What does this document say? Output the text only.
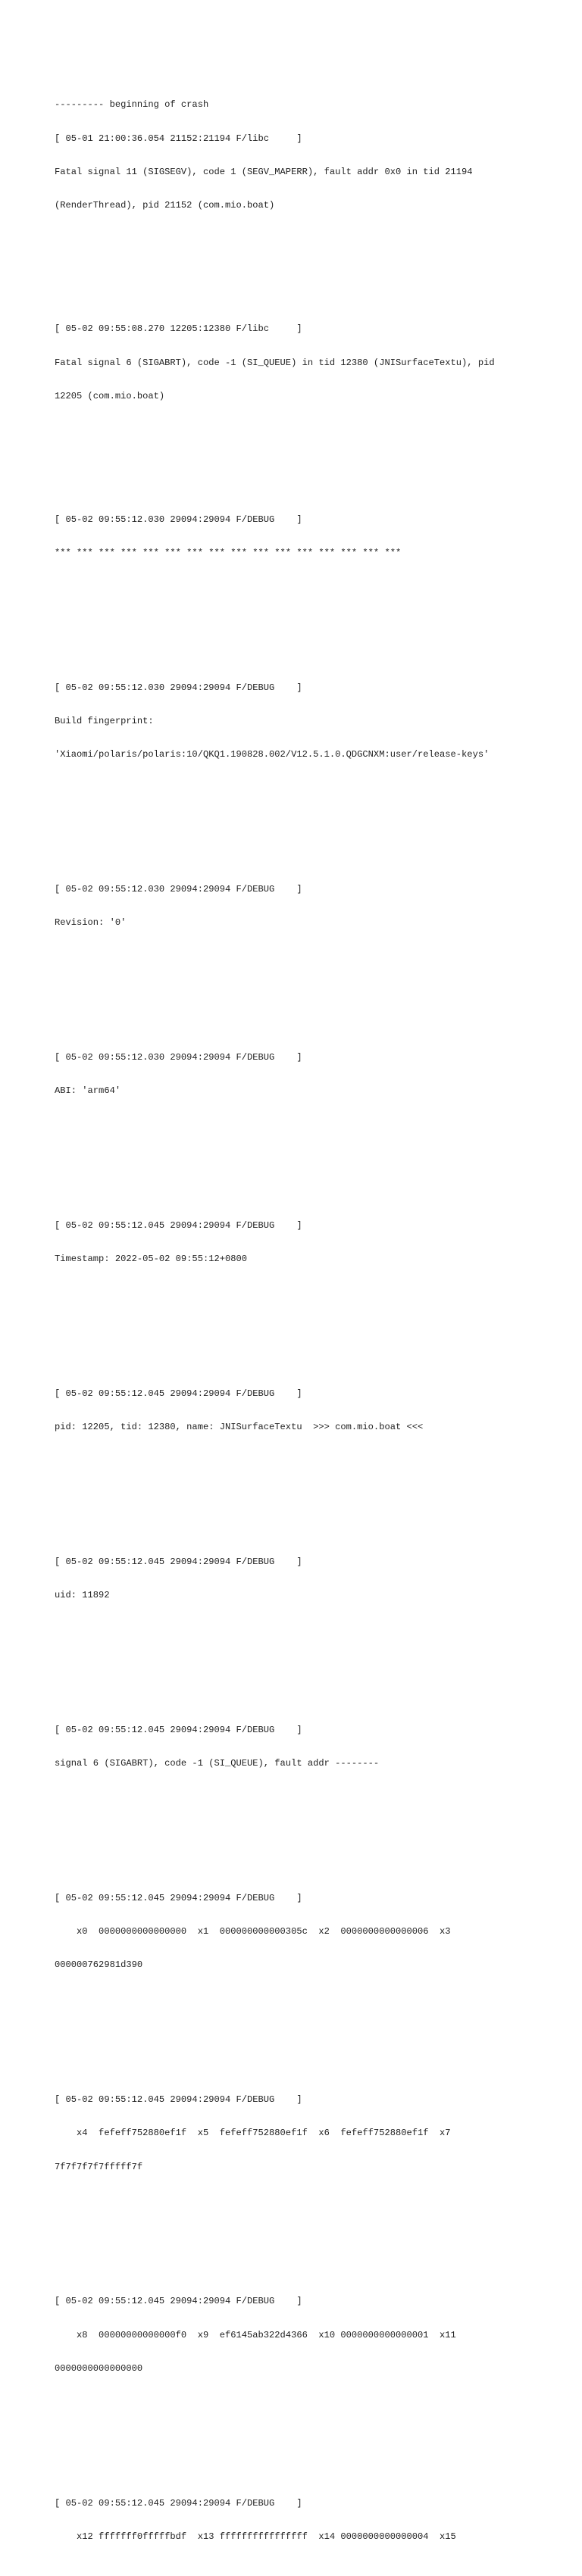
--------- beginning of crash

[ 05-01 21:00:36.054 21152:21194 F/libc     ]

Fatal signal 11 (SIGSEGV), code 1 (SEGV_MAPERR), fault addr 0x0 in tid 21194

(RenderThread), pid 21152 (com.mio.boat)

[ 05-02 09:55:08.270 12205:12380 F/libc     ]

Fatal signal 6 (SIGABRT), code -1 (SI_QUEUE) in tid 12380 (JNISurfaceTextu), pid

12205 (com.mio.boat)

[ 05-02 09:55:12.030 29094:29094 F/DEBUG    ]

*** *** *** *** *** *** *** *** *** *** *** *** *** *** *** ***

[ 05-02 09:55:12.030 29094:29094 F/DEBUG    ]

Build fingerprint:

'Xiaomi/polaris/polaris:10/QKQ1.190828.002/V12.5.1.0.QDGCNXM:user/release-keys'

[ 05-02 09:55:12.030 29094:29094 F/DEBUG    ]

Revision: '0'

[ 05-02 09:55:12.030 29094:29094 F/DEBUG    ]

ABI: 'arm64'

[ 05-02 09:55:12.045 29094:29094 F/DEBUG    ]

Timestamp: 2022-05-02 09:55:12+0800

[ 05-02 09:55:12.045 29094:29094 F/DEBUG    ]

pid: 12205, tid: 12380, name: JNISurfaceTextu  >>> com.mio.boat <<<

[ 05-02 09:55:12.045 29094:29094 F/DEBUG    ]

uid: 11892

[ 05-02 09:55:12.045 29094:29094 F/DEBUG    ]

signal 6 (SIGABRT), code -1 (SI_QUEUE), fault addr --------

[ 05-02 09:55:12.045 29094:29094 F/DEBUG    ]

x0  0000000000000000  x1  000000000000305c  x2  0000000000000006  x3

000000762981d390

[ 05-02 09:55:12.045 29094:29094 F/DEBUG    ]

x4  fefeff752880ef1f  x5  fefeff752880ef1f  x6  fefeff752880ef1f  x7

7f7f7f7f7fffff7f

[ 05-02 09:55:12.045 29094:29094 F/DEBUG    ]

x8  00000000000000f0  x9  ef6145ab322d4366  x10 0000000000000001  x11

0000000000000000

[ 05-02 09:55:12.045 29094:29094 F/DEBUG    ]

x12 fffffff0fffffbdf  x13 ffffffffffffffff  x14 0000000000000004  x15
